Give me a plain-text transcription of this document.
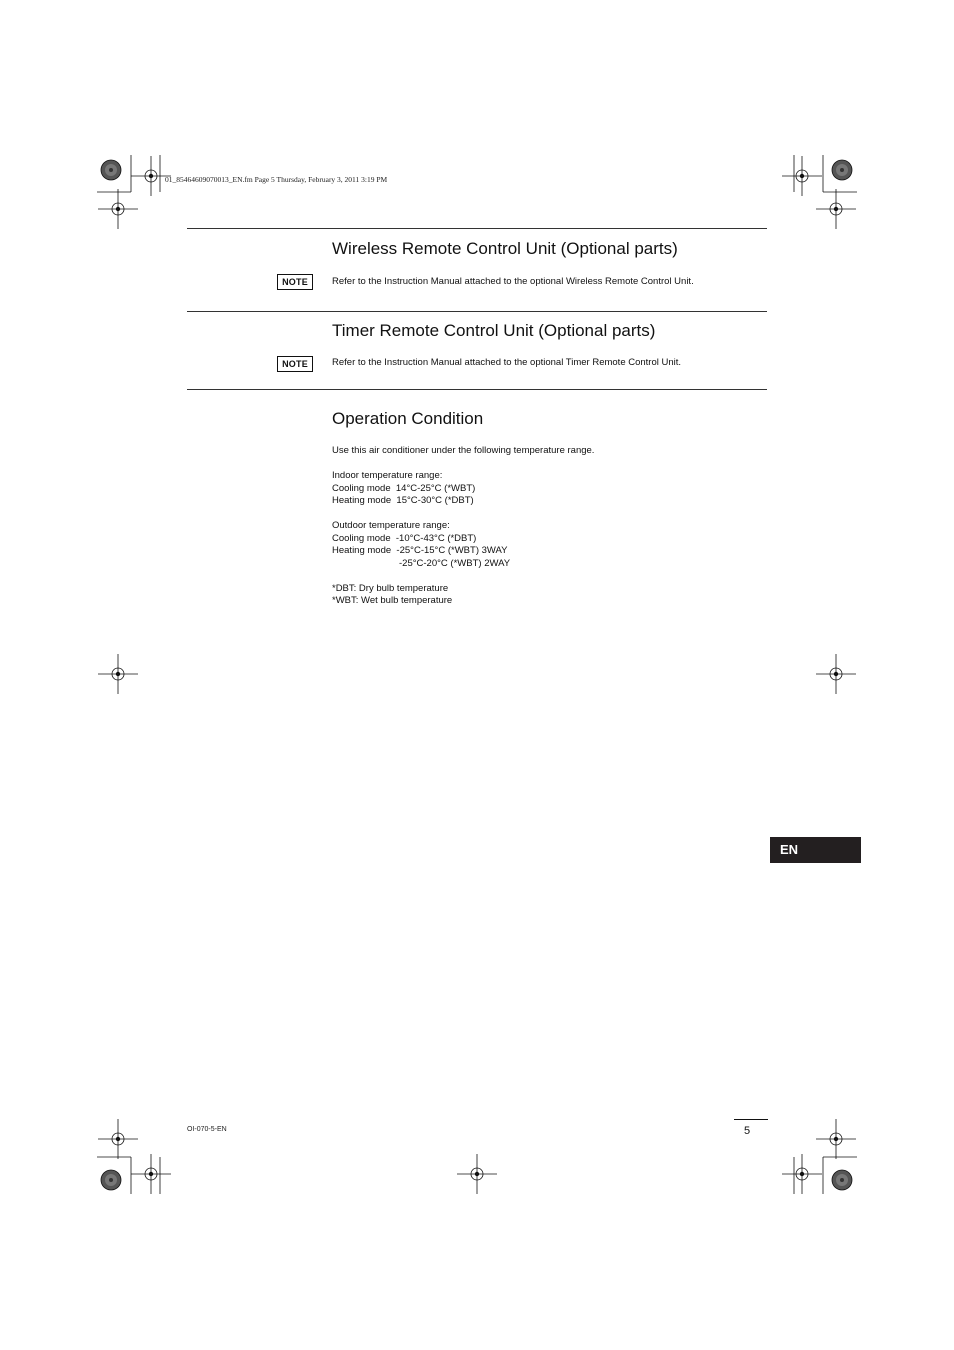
01_85464609070013_EN.fm Page 5 Thursday, February 3, 2011 3:19 PM
Wireless Remote Control Unit (Optional parts)
NOTE	Refer to the Instruction Manual attached to the optional Wireless Remote Control Unit.
Timer Remote Control Unit (Optional parts)
NOTE	Refer to the Instruction Manual attached to the optional Timer Remote Control Unit.
Operation Condition
Use this air conditioner under the following temperature range.
Indoor temperature range:
Cooling mode  14°C-25°C (*WBT)
Heating mode  15°C-30°C (*DBT)
Outdoor temperature range:
Cooling mode  -10°C-43°C (*DBT)
Heating mode  -25°C-15°C (*WBT) 3WAY
-25°C-20°C (*WBT) 2WAY
*DBT: Dry bulb temperature
*WBT: Wet bulb temperature
EN
OI-070-5-EN	5
